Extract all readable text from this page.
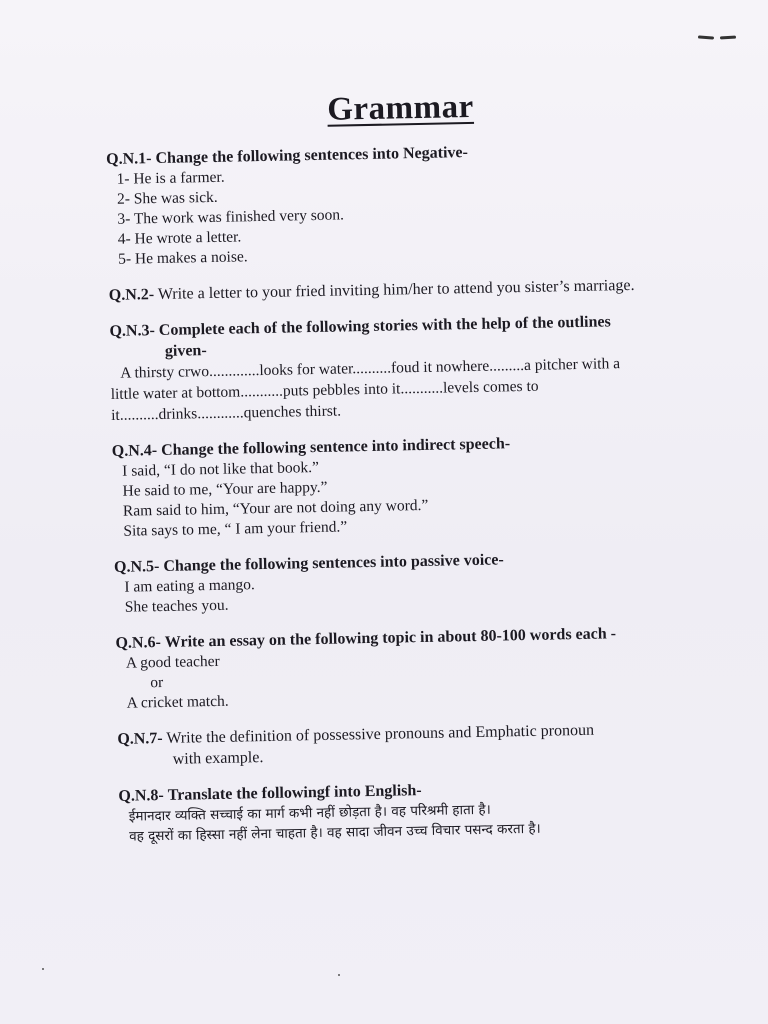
Grammar
Q.N.1- Change the following sentences into Negative-
1- He is a farmer.
2- She was sick.
3- The work was finished very soon.
4- He wrote a letter.
5- He makes a noise.
Q.N.2- Write a letter to your fried inviting him/her to attend you sister’s marriage.
Q.N.3- Complete each of the following stories with the help of the outlines
given-
A thirsty crwo.............looks for water..........foud it nowhere.........a pitcher with a
little water at bottom...........puts pebbles into it...........levels comes to
it..........drinks............quenches thirst.
Q.N.4- Change the following sentence into indirect speech-
I said, “I do not like that book.”
He said to me, “Your are happy.”
Ram said to him, “Your are not doing any word.”
Sita says to me, “ I am your friend.”
Q.N.5- Change the following sentences into passive voice-
I am eating a mango.
She teaches you.
Q.N.6- Write an essay on the following topic in about 80-100 words each -
A good teacher
or
A cricket match.
Q.N.7- Write the definition of possessive pronouns and Emphatic pronoun
with example.
Q.N.8- Translate the followingf into English-
ईमानदार व्यक्ति सच्चाई का मार्ग कभी नहीं छोड़ता है। वह परिश्रमी हाता है।
वह दूसरों का हिस्सा नहीं लेना चाहता है। वह सादा जीवन उच्च विचार पसन्द करता है।
